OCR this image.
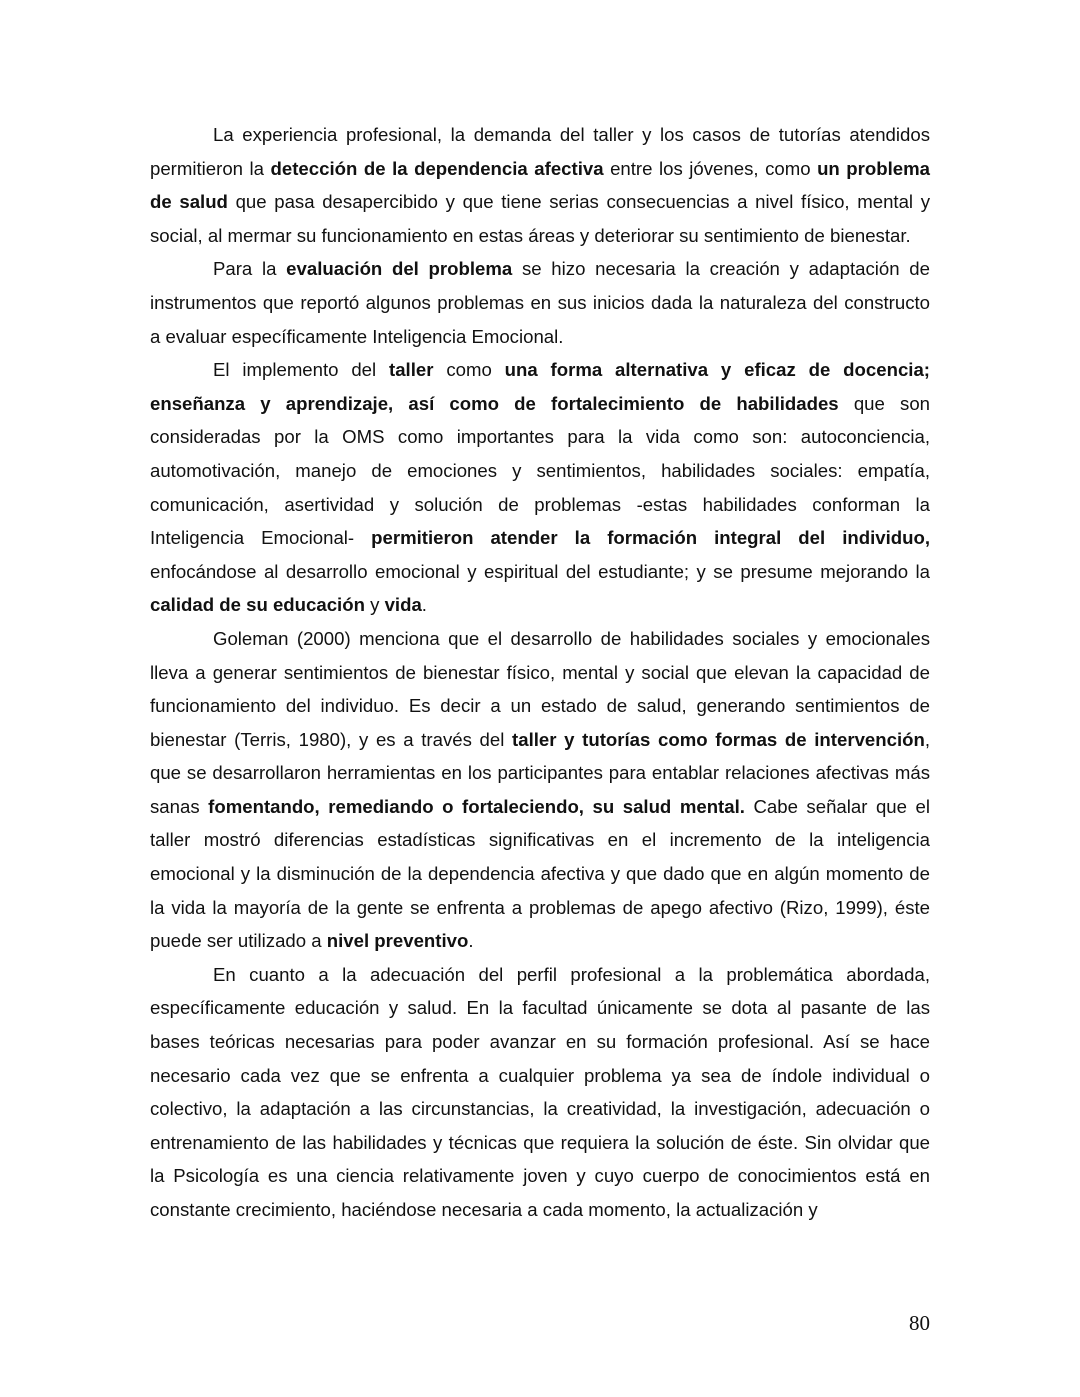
La experiencia profesional, la demanda del taller y los casos de tutorías atendidos permitieron la detección de la dependencia afectiva entre los jóvenes, como un problema de salud que pasa desapercibido y que tiene serias consecuencias a nivel físico, mental y social, al mermar su funcionamiento en estas áreas y deteriorar su sentimiento de bienestar.

Para la evaluación del problema se hizo necesaria la creación y adaptación de instrumentos que reportó algunos problemas en sus inicios dada la naturaleza del constructo a evaluar específicamente Inteligencia Emocional.

El implemento del taller como una forma alternativa y eficaz de docencia; enseñanza y aprendizaje, así como de fortalecimiento de habilidades que son consideradas por la OMS como importantes para la vida como son: autoconciencia, automotivación, manejo de emociones y sentimientos, habilidades sociales: empatía, comunicación, asertividad y solución de problemas -estas habilidades conforman la Inteligencia Emocional- permitieron atender la formación integral del individuo, enfocándose al desarrollo emocional y espiritual del estudiante; y se presume mejorando la calidad de su educación y vida.

Goleman (2000) menciona que el desarrollo de habilidades sociales y emocionales lleva a generar sentimientos de bienestar físico, mental y social que elevan la capacidad de funcionamiento del individuo. Es decir a un estado de salud, generando sentimientos de bienestar (Terris, 1980), y es a través del taller y tutorías como formas de intervención, que se desarrollaron herramientas en los participantes para entablar relaciones afectivas más sanas fomentando, remediando o fortaleciendo, su salud mental. Cabe señalar que el taller mostró diferencias estadísticas significativas en el incremento de la inteligencia emocional y la disminución de la dependencia afectiva y que dado que en algún momento de la vida la mayoría de la gente se enfrenta a problemas de apego afectivo (Rizo, 1999), éste puede ser utilizado a nivel preventivo.

En cuanto a la adecuación del perfil profesional a la problemática abordada, específicamente educación y salud. En la facultad únicamente se dota al pasante de las bases teóricas necesarias para poder avanzar en su formación profesional. Así se hace necesario cada vez que se enfrenta a cualquier problema ya sea de índole individual o colectivo, la adaptación a las circunstancias, la creatividad, la investigación, adecuación o entrenamiento de las habilidades y técnicas que requiera la solución de éste. Sin olvidar que la Psicología es una ciencia relativamente joven y cuyo cuerpo de conocimientos está en constante crecimiento, haciéndose necesaria a cada momento, la actualización y

80
